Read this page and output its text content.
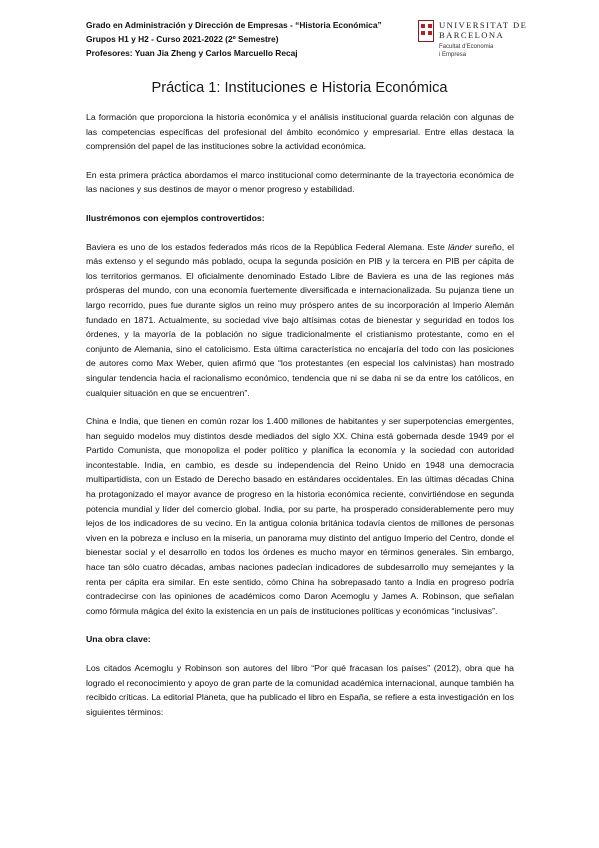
Grado en Administración y Dirección de Empresas - “Historia Económica”
Grupos H1 y H2 - Curso 2021-2022 (2º Semestre)
Profesores: Yuan Jia Zheng y Carlos Marcuello Recaj
UNIVERSITAT DE
BARCELONA
Facultat d’Economia
i Empresa
Práctica 1: Instituciones e Historia Económica

La formación que proporciona la historia económica y el análisis institucional guarda relación con algunas de las competencias específicas del profesional del ámbito económico y empresarial. Entre ellas destaca la comprensión del papel de las instituciones sobre la actividad económica.

En esta primera práctica abordamos el marco institucional como determinante de la trayectoria económica de las naciones y sus destinos de mayor o menor progreso y estabilidad.

Ilustrémonos con ejemplos controvertidos:

Baviera es uno de los estados federados más ricos de la República Federal Alemana. Este länder sureño, el más extenso y el segundo más poblado, ocupa la segunda posición en PIB y la tercera en PIB per cápita de los territorios germanos. El oficialmente denominado Estado Libre de Baviera es una de las regiones más prósperas del mundo, con una economía fuertemente diversificada e internacionalizada. Su pujanza tiene un largo recorrido, pues fue durante siglos un reino muy próspero antes de su incorporación al Imperio Alemán fundado en 1871. Actualmente, su sociedad vive bajo altísimas cotas de bienestar y seguridad en todos los órdenes, y la mayoría de la población no sigue tradicionalmente el cristianismo protestante, como en el conjunto de Alemania, sino el catolicismo. Esta última característica no encajaría del todo con las posiciones de autores como Max Weber, quien afirmó que “los protestantes (en especial los calvinistas) han mostrado singular tendencia hacia el racionalismo económico, tendencia que ni se daba ni se da entre los católicos, en cualquier situación en que se encuentren”.

China e India, que tienen en común rozar los 1.400 millones de habitantes y ser superpotencias emergentes, han seguido modelos muy distintos desde mediados del siglo XX. China está gobernada desde 1949 por el Partido Comunista, que monopoliza el poder político y planifica la economía y la sociedad con autoridad incontestable. India, en cambio, es desde su independencia del Reino Unido en 1948 una democracia multipartidista, con un Estado de Derecho basado en estándares occidentales. En las últimas décadas China ha protagonizado el mayor avance de progreso en la historia económica reciente, convirtiéndose en segunda potencia mundial y líder del comercio global. India, por su parte, ha prosperado considerablemente pero muy lejos de los indicadores de su vecino. En la antigua colonia británica todavía cientos de millones de personas viven en la pobreza e incluso en la miseria, un panorama muy distinto del antiguo Imperio del Centro, donde el bienestar social y el desarrollo en todos los órdenes es mucho mayor en términos generales. Sin embargo, hace tan sólo cuatro décadas, ambas naciones padecían indicadores de subdesarrollo muy semejantes y la renta per cápita era similar. En este sentido, cómo China ha sobrepasado tanto a India en progreso podría contradecirse con las opiniones de académicos como Daron Acemoglu y James A. Robinson, que señalan como fórmula mágica del éxito la existencia en un país de instituciones políticas y económicas “inclusivas”.

Una obra clave:

Los citados Acemoglu y Robinson son autores del libro “Por qué fracasan los países” (2012), obra que ha logrado el reconocimiento y apoyo de gran parte de la comunidad académica internacional, aunque también ha recibido críticas. La editorial Planeta, que ha publicado el libro en España, se refiere a esta investigación en los siguientes términos:
